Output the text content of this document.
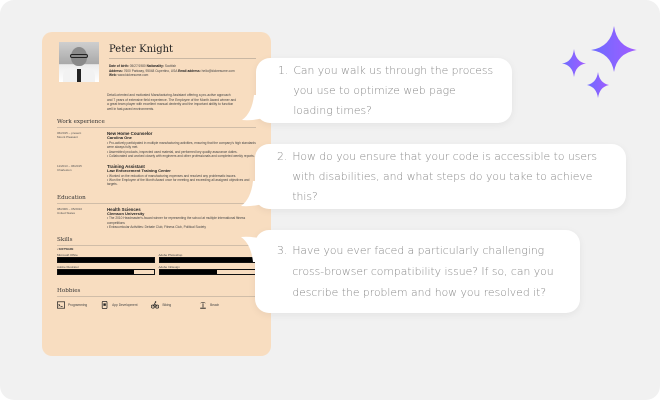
Peter Knight
Date of birth: 05/27/1980 Nationality: Scottish
Address: 7600 Parkway, 95048 Cupertino, USA Email address: hello@kickresume.com
Web: www.kickresume.com
Detail-oriented and motivated Manufacturing Assistant offering a pro-active approach and 7 years of extensive field experience. The Employee of the Month Award winner and a great team player with excellent manual dexterity and the important ability to function well in fast-paced environments.
Work experience
06/2015 – present
Mount Pleasant
New Home Counselor
Carolina One
• Pro-actively participated in multiple manufacturing activities, ensuring that the company's high standards were always fully met.
• Assembled products, inspected used material, and performed key quality assurance duties.
• Collaborated and worked closely with engineers and other professionals and completed weekly reports.
11/2013 – 06/2015
Charleston
Training Assistant
Law Enforcement Training Center
• Worked on the reduction of manufacturing expenses and resolved any problematic issues.
• Won the Employee of the Month Award once for meeting and exceeding all assigned objectives and targets.
Education
08/2006 – 05/2010
United States
Health Sciences
Clemson University
• The 2010 Headmaster's Award winner for representing the school at multiple international fitness competitions
• Extracurricular Activities: Debate Club, Fitness Club, Political Society
Skills
• SOFTWARE
Microsoft Office	Adobe Photoshop
Adobe Illustrator	Adobe InDesign
Hobbies
Programming	App Development	Biking	Beach
1. Can you walk us through the process you use to optimize web page loading times?
2. How do you ensure that your code is accessible to users with disabilities, and what steps do you take to achieve this?
3. Have you ever faced a particularly challenging cross-browser compatibility issue? If so, can you describe the problem and how you resolved it?
